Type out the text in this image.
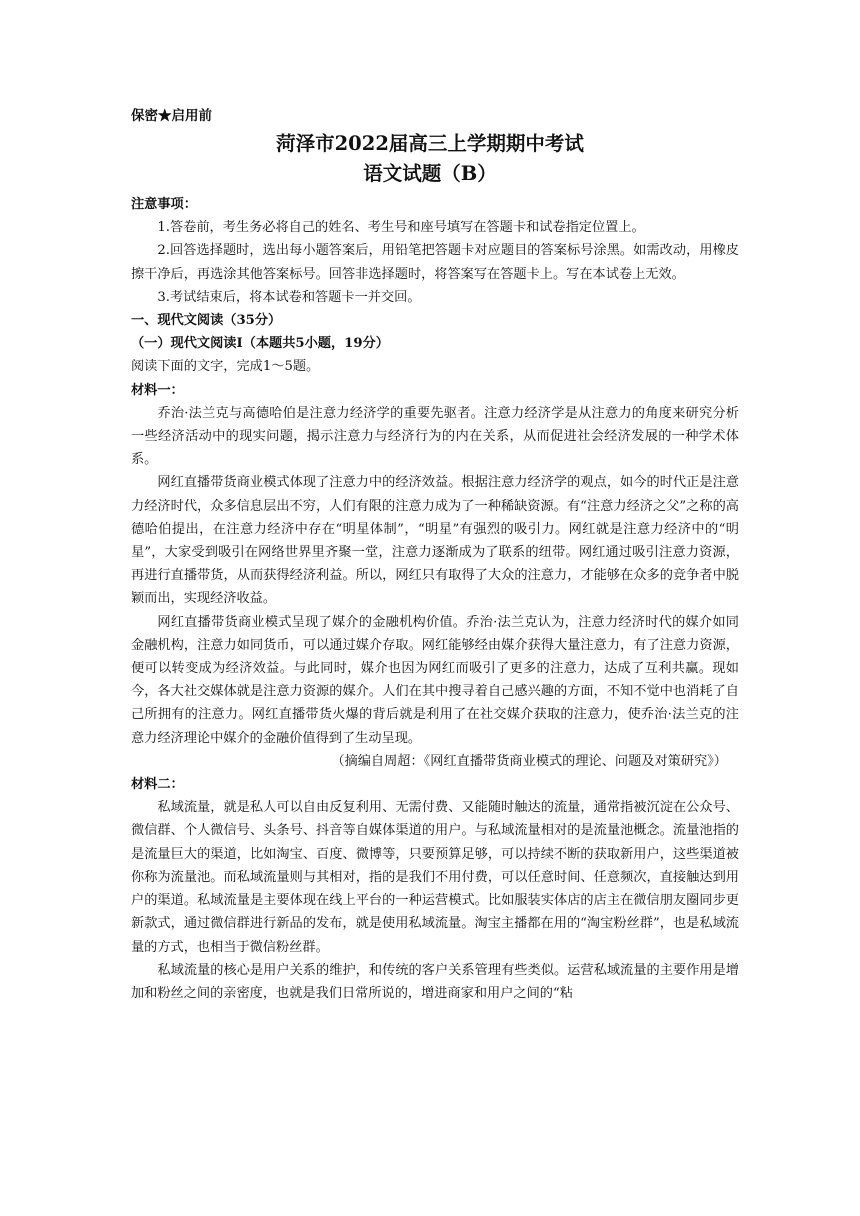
保密★启用前
菏泽市2022届高三上学期期中考试
语文试题（B）

注意事项：

1.答卷前，考生务必将自己的姓名、考生号和座号填写在答题卡和试卷指定位置上。

2.回答选择题时，选出每小题答案后，用铅笔把答题卡对应题目的答案标号涂黑。如需改动，用橡皮擦干净后，再选涂其他答案标号。回答非选择题时，将答案写在答题卡上。写在本试卷上无效。

3.考试结束后，将本试卷和答题卡一并交回。

一、现代文阅读（35分）

（一）现代文阅读Ⅰ（本题共5小题，19分）

阅读下面的文字，完成1～5题。

材料一：

乔治·法兰克与高德哈伯是注意力经济学的重要先驱者。注意力经济学是从注意力的角度来研究分析一些经济活动中的现实问题，揭示注意力与经济行为的内在关系，从而促进社会经济发展的一种学术体系。

网红直播带货商业模式体现了注意力中的经济效益。根据注意力经济学的观点，如今的时代正是注意力经济时代，众多信息层出不穷，人们有限的注意力成为了一种稀缺资源。有“注意力经济之父”之称的高德哈伯提出，在注意力经济中存在“明星体制”，“明星”有强烈的吸引力。网红就是注意力经济中的“明星”，大家受到吸引在网络世界里齐聚一堂，注意力逐渐成为了联系的纽带。网红通过吸引注意力资源，再进行直播带货，从而获得经济利益。所以，网红只有取得了大众的注意力，才能够在众多的竞争者中脱颖而出，实现经济收益。

网红直播带货商业模式呈现了媒介的金融机构价值。乔治·法兰克认为，注意力经济时代的媒介如同金融机构，注意力如同货币，可以通过媒介存取。网红能够经由媒介获得大量注意力，有了注意力资源，便可以转变成为经济效益。与此同时，媒介也因为网红而吸引了更多的注意力，达成了互利共赢。现如今，各大社交媒体就是注意力资源的媒介。人们在其中搜寻着自己感兴趣的方面，不知不觉中也消耗了自己所拥有的注意力。网红直播带货火爆的背后就是利用了在社交媒介获取的注意力，使乔治·法兰克的注意力经济理论中媒介的金融价值得到了生动呈现。

（摘编自周超：《网红直播带货商业模式的理论、问题及对策研究》）

材料二：

私域流量，就是私人可以自由反复利用、无需付费、又能随时触达的流量，通常指被沉淀在公众号、微信群、个人微信号、头条号、抖音等自媒体渠道的用户。与私域流量相对的是流量池概念。流量池指的是流量巨大的渠道，比如淘宝、百度、微博等，只要预算足够，可以持续不断的获取新用户，这些渠道被你称为流量池。而私域流量则与其相对，指的是我们不用付费，可以任意时间、任意频次，直接触达到用户的渠道。私域流量是主要体现在线上平台的一种运营模式。比如服装实体店的店主在微信朋友圈同步更新款式，通过微信群进行新品的发布，就是使用私域流量。淘宝主播都在用的“淘宝粉丝群”，也是私域流量的方式，也相当于微信粉丝群。

私域流量的核心是用户关系的维护，和传统的客户关系管理有些类似。运营私域流量的主要作用是增加和粉丝之间的亲密度，也就是我们日常所说的，增进商家和用户之间的“粘
